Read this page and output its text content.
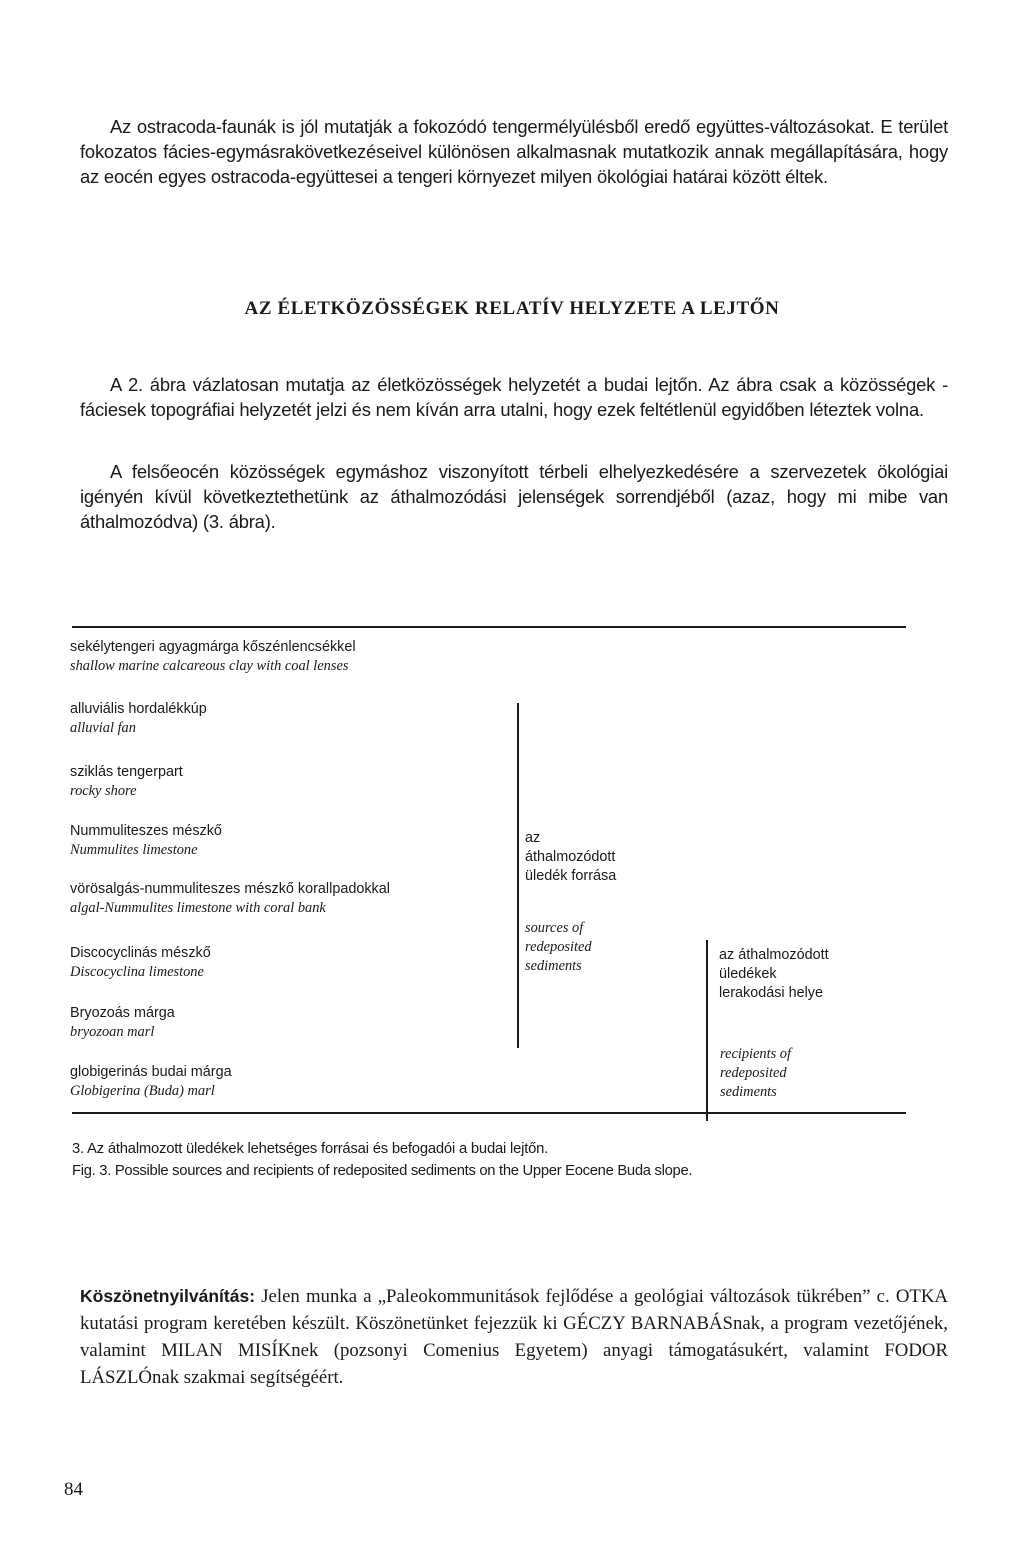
Az ostracoda-faunák is jól mutatják a fokozódó tengermélyülésből eredő együttes-változásokat. E terület fokozatos fácies-egymásrakövetkezéseivel különösen alkalmasnak mutatkozik annak megállapítására, hogy az eocén egyes ostracoda-együttesei a tengeri környezet milyen ökológiai határai között éltek.

AZ ÉLETKÖZÖSSÉGEK RELATÍV HELYZETE A LEJTŐN

A 2. ábra vázlatosan mutatja az életközösségek helyzetét a budai lejtőn. Az ábra csak a közösségek -fáciesek topográfiai helyzetét jelzi és nem kíván arra utalni, hogy ezek feltétlenül egyidőben léteztek volna.

A felsőeocén közösségek egymáshoz viszonyított térbeli elhelyezkedésére a szervezetek ökológiai igényén kívül következtethetünk az áthalmozódási jelenségek sorrendjéből (azaz, hogy mi mibe van áthalmozódva) (3. ábra).

sekélytengeri agyagmárga kőszénlencsékkel
shallow marine calcareous clay with coal lenses
alluviális hordalékkúp
alluvial fan
sziklás tengerpart
rocky shore
Nummuliteszes mészkő
Nummulites limestone
vörösalgás-nummuliteszes mészkő korallpadokkal
algal-Nummulites limestone with coral bank
Discocyclinás mészkő
Discocyclina limestone
Bryozoás márga
bryozoan marl
globigerinás budai márga
Globigerina (Buda) marl
az
áthalmozódott
üledék forrása
sources of
redeposited
sediments
az áthalmozódott
üledékek
lerakodási helye
recipients of
redeposited
sediments

3. Az áthalmozott üledékek lehetséges forrásai és befogadói a budai lejtőn.

Fig. 3. Possible sources and recipients of redeposited sediments on the Upper Eocene Buda slope.

Köszönetnyilvánítás: Jelen munka a „Paleokommunitások fejlődése a geológiai változások tükrében” c. OTKA kutatási program keretében készült. Köszönetünket fejezzük ki GÉCZY BARNABÁSnak, a program vezetőjének, valamint MILAN MISÍKnek (pozsonyi Comenius Egyetem) anyagi támogatásukért, valamint FODOR LÁSZLÓnak szakmai segítségéért.

84
